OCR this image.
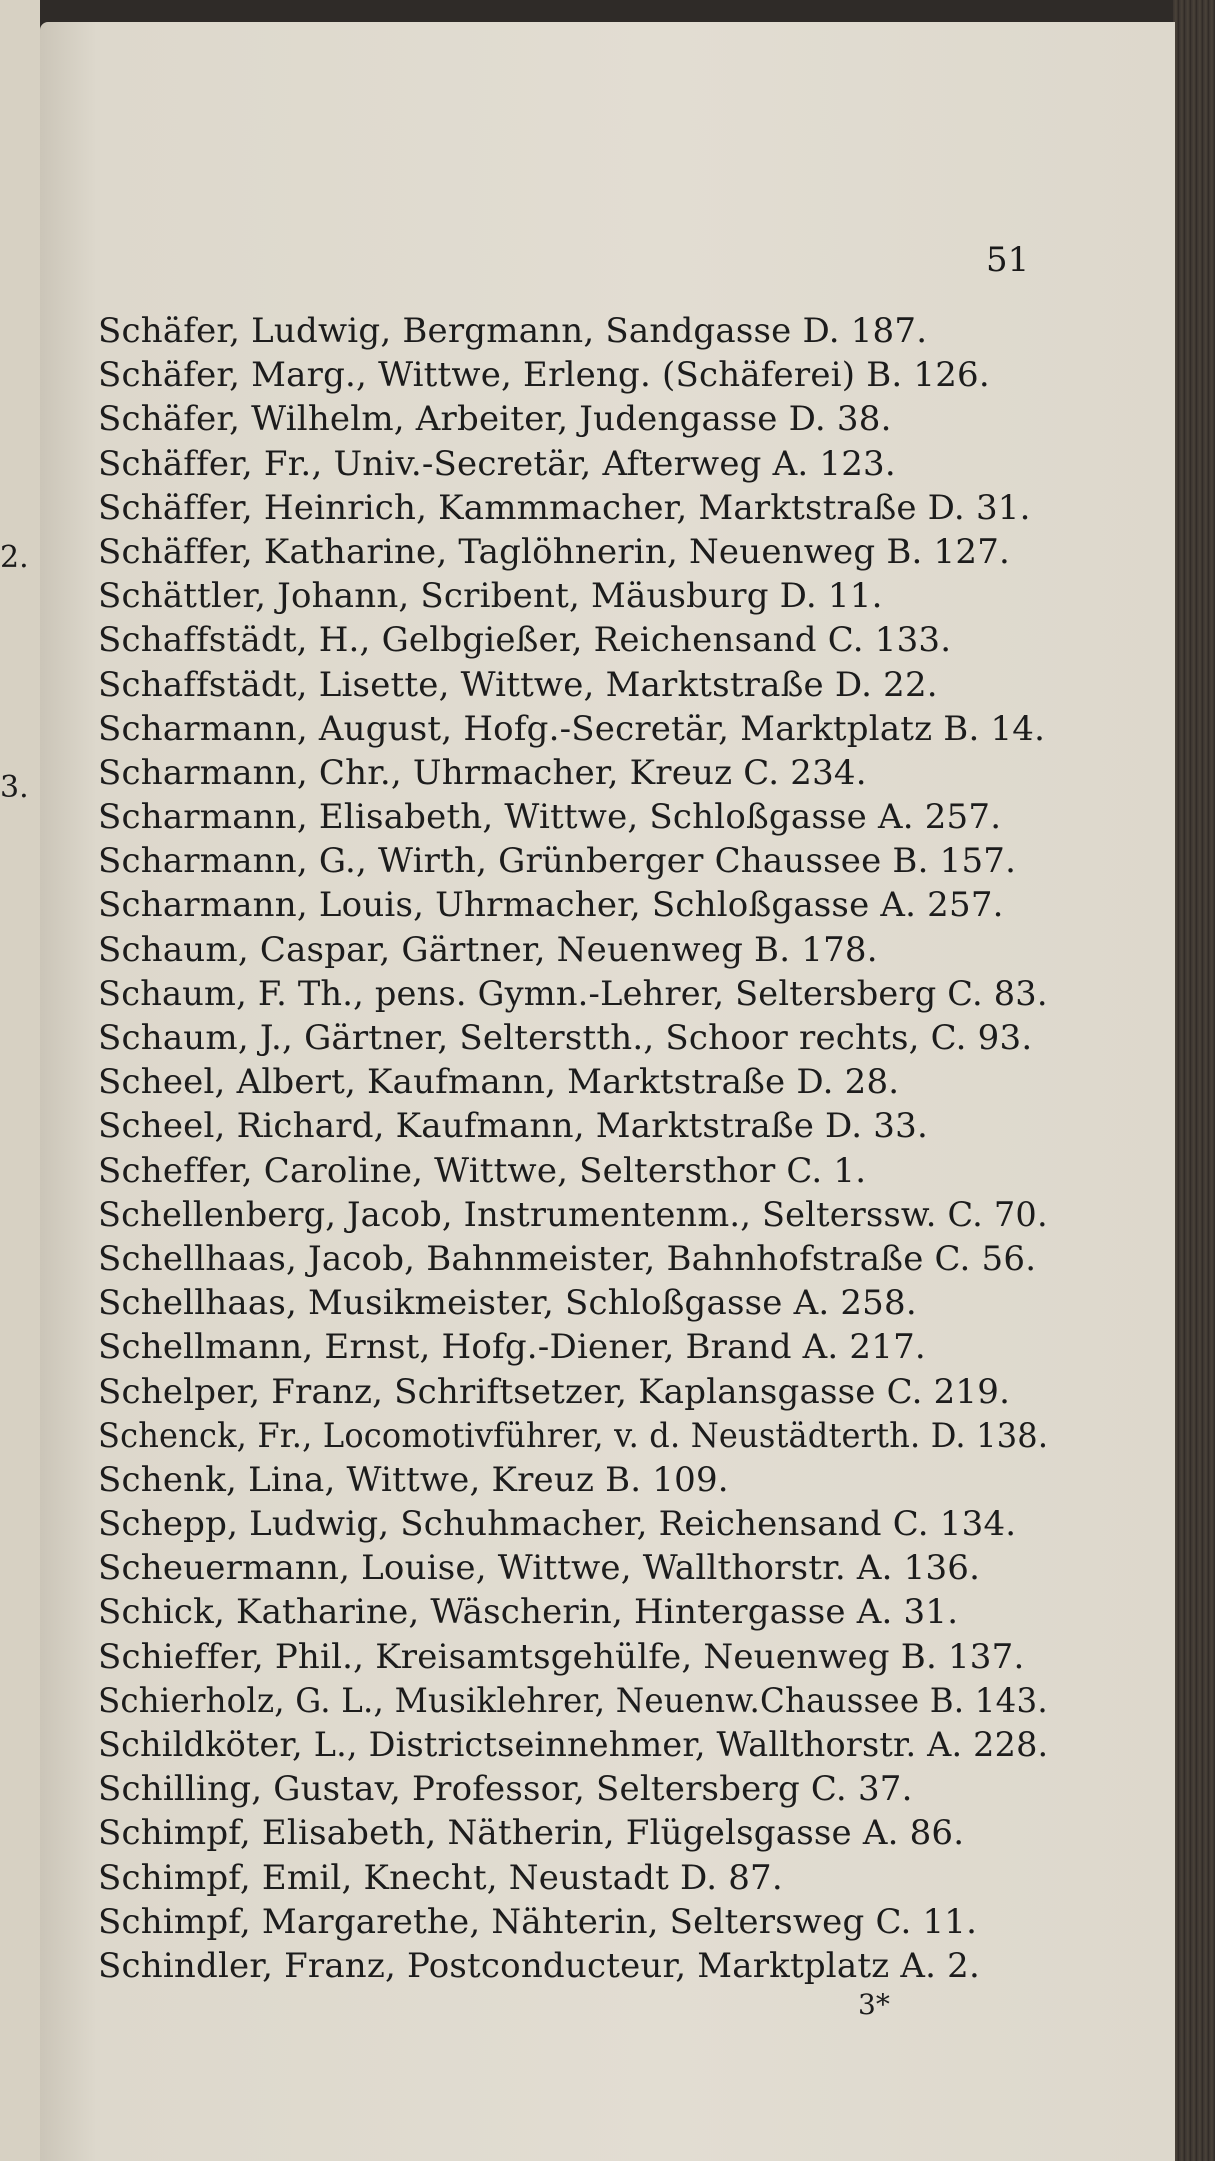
2.
3.
51
Schäfer, Ludwig, Bergmann, Sandgasse D. 187.
Schäfer, Marg., Wittwe, Erleng. (Schäferei) B. 126.
Schäfer, Wilhelm, Arbeiter, Judengasse D. 38.
Schäffer, Fr., Univ.-Secretär, Afterweg A. 123.
Schäffer, Heinrich, Kammmacher, Marktstraße D. 31.
Schäffer, Katharine, Taglöhnerin, Neuenweg B. 127.
Schättler, Johann, Scribent, Mäusburg D. 11.
Schaffstädt, H., Gelbgießer, Reichensand C. 133.
Schaffstädt, Lisette, Wittwe, Marktstraße D. 22.
Scharmann, August, Hofg.-Secretär, Marktplatz B. 14.
Scharmann, Chr., Uhrmacher, Kreuz C. 234.
Scharmann, Elisabeth, Wittwe, Schloßgasse A. 257.
Scharmann, G., Wirth, Grünberger Chaussee B. 157.
Scharmann, Louis, Uhrmacher, Schloßgasse A. 257.
Schaum, Caspar, Gärtner, Neuenweg B. 178.
Schaum, F. Th., pens. Gymn.-Lehrer, Seltersberg C. 83.
Schaum, J., Gärtner, Selterstth., Schoor rechts, C. 93.
Scheel, Albert, Kaufmann, Marktstraße D. 28.
Scheel, Richard, Kaufmann, Marktstraße D. 33.
Scheffer, Caroline, Wittwe, Seltersthor C. 1.
Schellenberg, Jacob, Instrumentenm., Selterssw. C. 70.
Schellhaas, Jacob, Bahnmeister, Bahnhofstraße C. 56.
Schellhaas, Musikmeister, Schloßgasse A. 258.
Schellmann, Ernst, Hofg.-Diener, Brand A. 217.
Schelper, Franz, Schriftsetzer, Kaplansgasse C. 219.
Schenck, Fr., Locomotivführer, v. d. Neustädterth. D. 138.
Schenk, Lina, Wittwe, Kreuz B. 109.
Schepp, Ludwig, Schuhmacher, Reichensand C. 134.
Scheuermann, Louise, Wittwe, Wallthorstr. A. 136.
Schick, Katharine, Wäscherin, Hintergasse A. 31.
Schieffer, Phil., Kreisamtsgehülfe, Neuenweg B. 137.
Schierholz, G. L., Musiklehrer, Neuenw.Chaussee B. 143.
Schildköter, L., Districtseinnehmer, Wallthorstr. A. 228.
Schilling, Gustav, Professor, Seltersberg C. 37.
Schimpf, Elisabeth, Nätherin, Flügelsgasse A. 86.
Schimpf, Emil, Knecht, Neustadt D. 87.
Schimpf, Margarethe, Nähterin, Seltersweg C. 11.
Schindler, Franz, Postconducteur, Marktplatz A. 2.
3*
